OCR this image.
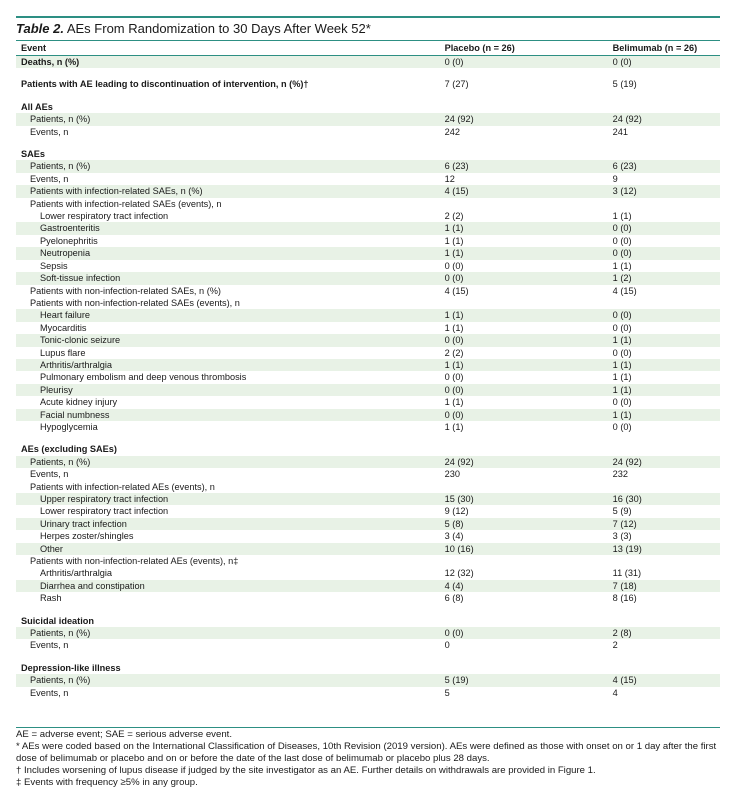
Table 2. AEs From Randomization to 30 Days After Week 52*
Event	Placebo (n = 26)	Belimumab (n = 26)
Deaths, n (%)	0 (0)	0 (0)

Patients with AE leading to discontinuation of intervention, n (%)†	7 (27)	5 (19)

All AEs		
Patients, n (%)	24 (92)	24 (92)
Events, n	242	241

SAEs		
Patients, n (%)	6 (23)	6 (23)
Events, n	12	9
Patients with infection-related SAEs, n (%)	4 (15)	3 (12)
Patients with infection-related SAEs (events), n		
Lower respiratory tract infection	2 (2)	1 (1)
Gastroenteritis	1 (1)	0 (0)
Pyelonephritis	1 (1)	0 (0)
Neutropenia	1 (1)	0 (0)
Sepsis	0 (0)	1 (1)
Soft-tissue infection	0 (0)	1 (2)
Patients with non-infection-related SAEs, n (%)	4 (15)	4 (15)
Patients with non-infection-related SAEs (events), n		
Heart failure	1 (1)	0 (0)
Myocarditis	1 (1)	0 (0)
Tonic-clonic seizure	0 (0)	1 (1)
Lupus flare	2 (2)	0 (0)
Arthritis/arthralgia	1 (1)	1 (1)
Pulmonary embolism and deep venous thrombosis	0 (0)	1 (1)
Pleurisy	0 (0)	1 (1)
Acute kidney injury	1 (1)	0 (0)
Facial numbness	0 (0)	1 (1)
Hypoglycemia	1 (1)	0 (0)

AEs (excluding SAEs)		
Patients, n (%)	24 (92)	24 (92)
Events, n	230	232
Patients with infection-related AEs (events), n		
Upper respiratory tract infection	15 (30)	16 (30)
Lower respiratory tract infection	9 (12)	5 (9)
Urinary tract infection	5 (8)	7 (12)
Herpes zoster/shingles	3 (4)	3 (3)
Other	10 (16)	13 (19)
Patients with non-infection-related AEs (events), n‡		
Arthritis/arthralgia	12 (32)	11 (31)
Diarrhea and constipation	4 (4)	7 (18)
Rash	6 (8)	8 (16)

Suicidal ideation		
Patients, n (%)	0 (0)	2 (8)
Events, n	0	2

Depression-like illness		
Patients, n (%)	5 (19)	4 (15)
Events, n	5	4
AE = adverse event; SAE = serious adverse event.
* AEs were coded based on the International Classification of Diseases, 10th Revision (2019 version). AEs were defined as those with onset on or 1 day after the first dose of belimumab or placebo and on or before the date of the last dose of belimumab or placebo plus 28 days.
† Includes worsening of lupus disease if judged by the site investigator as an AE. Further details on withdrawals are provided in Figure 1.
‡ Events with frequency ≥5% in any group.
